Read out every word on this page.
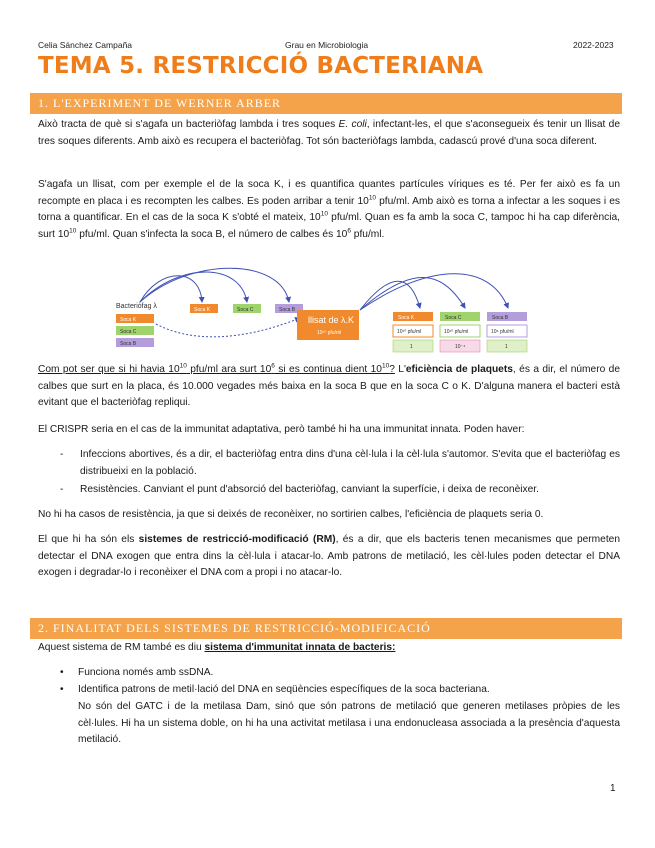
Celia Sánchez Campaña	Grau en Microbiologia	2022-2023
TEMA 5. RESTRICCIÓ BACTERIANA
1. L'EXPERIMENT DE WERNER ARBER

Això tracta de què si s'agafa un bacteriòfag lambda i tres soques E. coli, infectant-les, el que s'aconsegueix és tenir un llisat de tres soques diferents. Amb això es recupera el bacteriòfag. Tot són bacteriòfags lambda, cadascú prové d'una soca diferent.

S'agafa un llisat, com per exemple el de la soca K, i es quantifica quantes partícules víriques es té. Per fer això es fa un recompte en placa i es recompten les calbes. Es poden arribar a tenir $10^{10}$ pfu/ml. Amb això es torna a infectar a les soques i es torna a quantificar. En el cas de la soca K s'obté el mateix, $10^{10}$ pfu/ml. Quan es fa amb la soca C, tampoc hi ha cap diferència, surt $10^{10}$ pfu/ml. Quan s'infecta la soca B, el número de calbes és $10^6$ pfu/ml.

Bacteriòfag λ
Soca K
Soca C
Soca B
Soca K	Soca C	Soca B
llisat de λ.K
10¹⁰ pfu/ml
Soca K	Soca C	Soca B
10¹⁰ pfu/ml	10¹⁰ pfu/ml	10⁶ pfu/ml
1	10⁻⁴	1

Com pot ser que si hi havia $10^{10}$ pfu/ml ara surt $10^6$ si es continua dient $10^{10}$? L'eficiència de plaquets, és a dir, el número de calbes que surt en la placa, és 10.000 vegades més baixa en la soca B que en la soca C o K. D'alguna manera el bacteri està evitant que el bacteriòfag repliqui.

El CRISPR seria en el cas de la immunitat adaptativa, però també hi ha una immunitat innata. Poden haver:

- Infeccions abortives, és a dir, el bacteriòfag entra dins d'una cèl·lula i la cèl·lula s'automor. S'evita que el bacteriòfag es distribueixi en la població.

- Resistències. Canviant el punt d'absorció del bacteriòfag, canviant la superfície, i deixa de reconèixer.

No hi ha casos de resistència, ja que si deixés de reconèixer, no sortirien calbes, l'eficiència de plaquets seria 0.

El que hi ha són els sistemes de restricció-modificació (RM), és a dir, que els bacteris tenen mecanismes que permeten detectar el DNA exogen que entra dins la cèl·lula i atacar-lo. Amb patrons de metilació, les cèl·lules poden detectar el DNA exogen i degradar-lo i reconèixer el DNA com a propi i no atacar-lo.

2. FINALITAT DELS SISTEMES DE RESTRICCIÓ-MODIFICACIÓ

Aquest sistema de RM també es diu sistema d'immunitat innata de bacteris:

• Funciona només amb ssDNA.

• Identifica patrons de metil·lació del DNA en seqüències específiques de la soca bacteriana.

No són del GATC i de la metilasa Dam, sinó que són patrons de metilació que generen metilases pròpies de les cèl·lules. Hi ha un sistema doble, on hi ha una activitat metilasa i una endonucleasa associada a la presència d'aquesta metilació.

1
